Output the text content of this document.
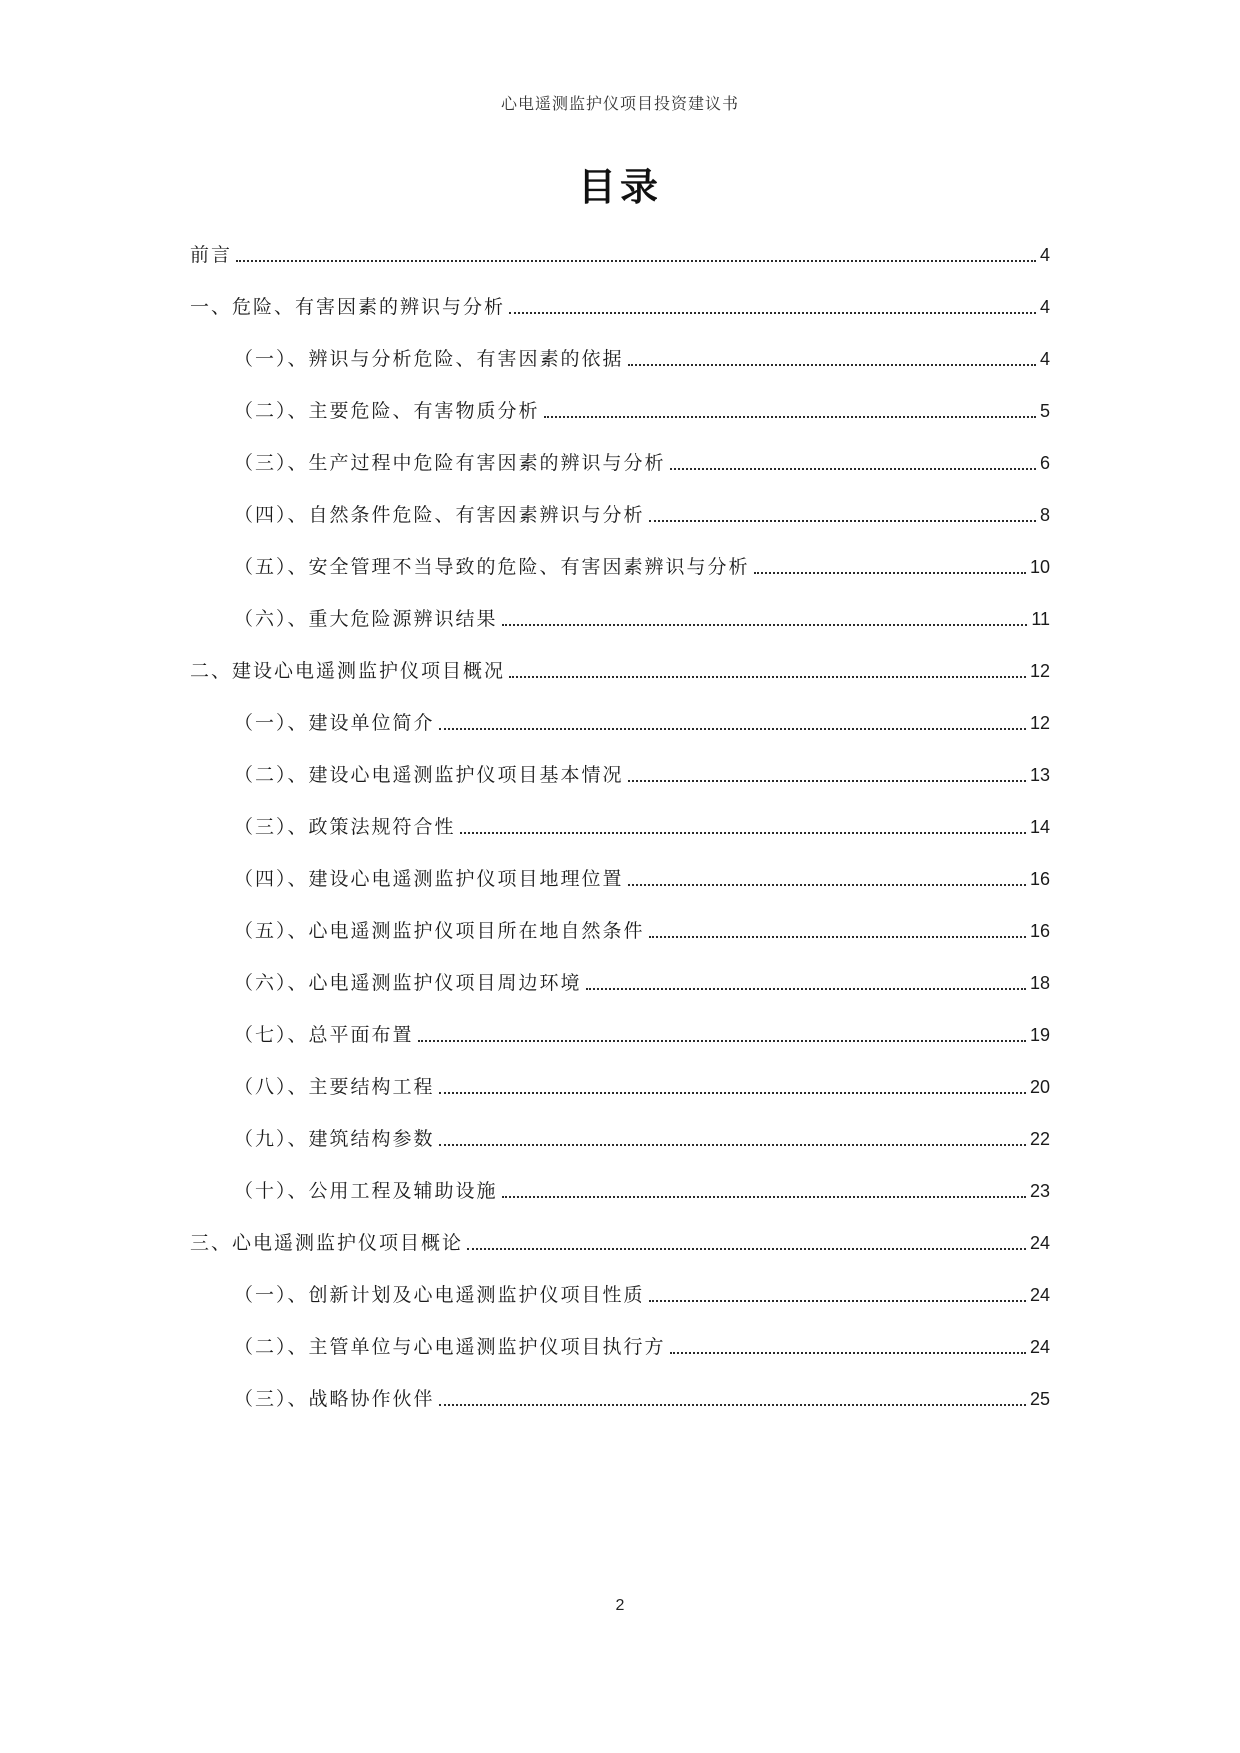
心电遥测监护仪项目投资建议书
目录
前言	4
一、危险、有害因素的辨识与分析	4
（一）、辨识与分析危险、有害因素的依据	4
（二）、主要危险、有害物质分析	5
（三）、生产过程中危险有害因素的辨识与分析	6
（四）、自然条件危险、有害因素辨识与分析	8
（五）、安全管理不当导致的危险、有害因素辨识与分析	10
（六）、重大危险源辨识结果	11
二、建设心电遥测监护仪项目概况	12
（一）、建设单位简介	12
（二）、建设心电遥测监护仪项目基本情况	13
（三）、政策法规符合性	14
（四）、建设心电遥测监护仪项目地理位置	16
（五）、心电遥测监护仪项目所在地自然条件	16
（六）、心电遥测监护仪项目周边环境	18
（七）、总平面布置	19
（八）、主要结构工程	20
（九）、建筑结构参数	22
（十）、公用工程及辅助设施	23
三、心电遥测监护仪项目概论	24
（一）、创新计划及心电遥测监护仪项目性质	24
（二）、主管单位与心电遥测监护仪项目执行方	24
（三）、战略协作伙伴	25
2
